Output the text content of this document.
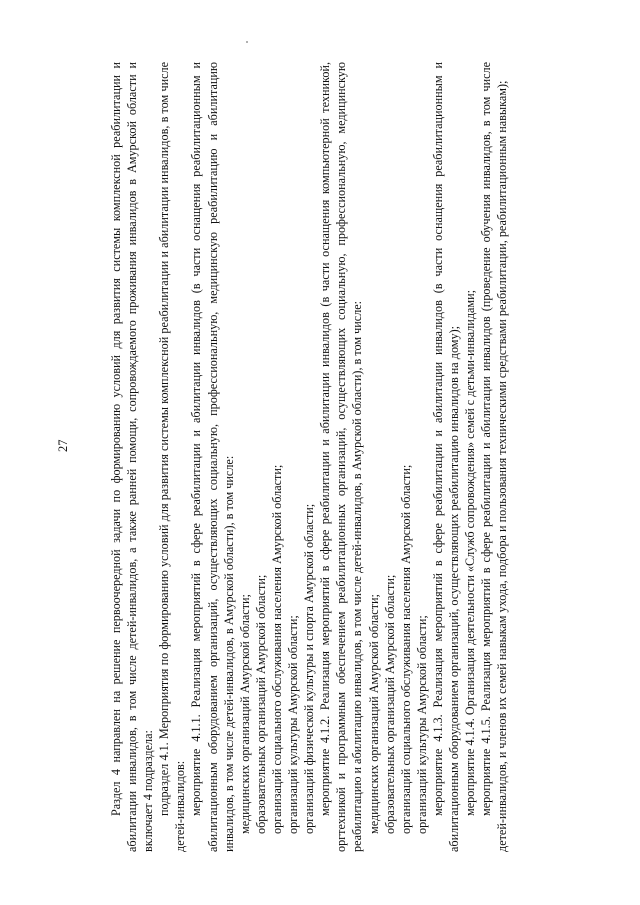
27	Раздел 4 направлен на решение первоочередной задачи по формированию условий для развития системы комплексной реабилитации и абилитации инвалидов, в том числе детей-инвалидов, а также ранней помощи, сопровождаемого проживания инвалидов в Амурской области и включает 4 подраздела: подраздел 4.1. Мероприятия по формированию условий для развития системы комплексной реабилитации и абилитации инвалидов, в том числе детей-инвалидов: мероприятие 4.1.1. Реализация мероприятий в сфере реабилитации и абилитации инвалидов (в части оснащения реабилитационным и абилитационным оборудованием организаций, осуществляющих социальную, профессиональную, медицинскую реабилитацию и абилитацию инвалидов, в том числе детей-инвалидов, в Амурской области), в том числе: медицинских организаций Амурской области; образовательных организаций Амурской области; организаций социального обслуживания населения Амурской области; организаций культуры Амурской области; организаций физической культуры и спорта Амурской области; мероприятие 4.1.2. Реализация мероприятий в сфере реабилитации и абилитации инвалидов (в части оснащения компьютерной техникой, оргтехникой и программным обеспечением реабилитационных организаций, осуществляющих социальную, профессиональную, медицинскую реабилитацию и абилитацию инвалидов, в том числе детей-инвалидов, в Амурской области), в том числе: медицинских организаций Амурской области; образовательных организаций Амурской области; организаций социального обслуживания населения Амурской области; организаций культуры Амурской области; мероприятие 4.1.3. Реализация мероприятий в сфере реабилитации и абилитации инвалидов (в части оснащения реабилитационным и абилитационным оборудованием организаций, осуществляющих реабилитацию инвалидов на дому); мероприятие 4.1.4. Организация деятельности «Служб сопровождения» семей с детьми-инвалидами; мероприятие 4.1.5. Реализация мероприятий в сфере реабилитации и абилитации инвалидов (проведение обучения инвалидов, в том числе детей-инвалидов, и членов их семей навыкам ухода, подбора и пользования техническими средствами реабилитации, реабилитационным навыкам);
